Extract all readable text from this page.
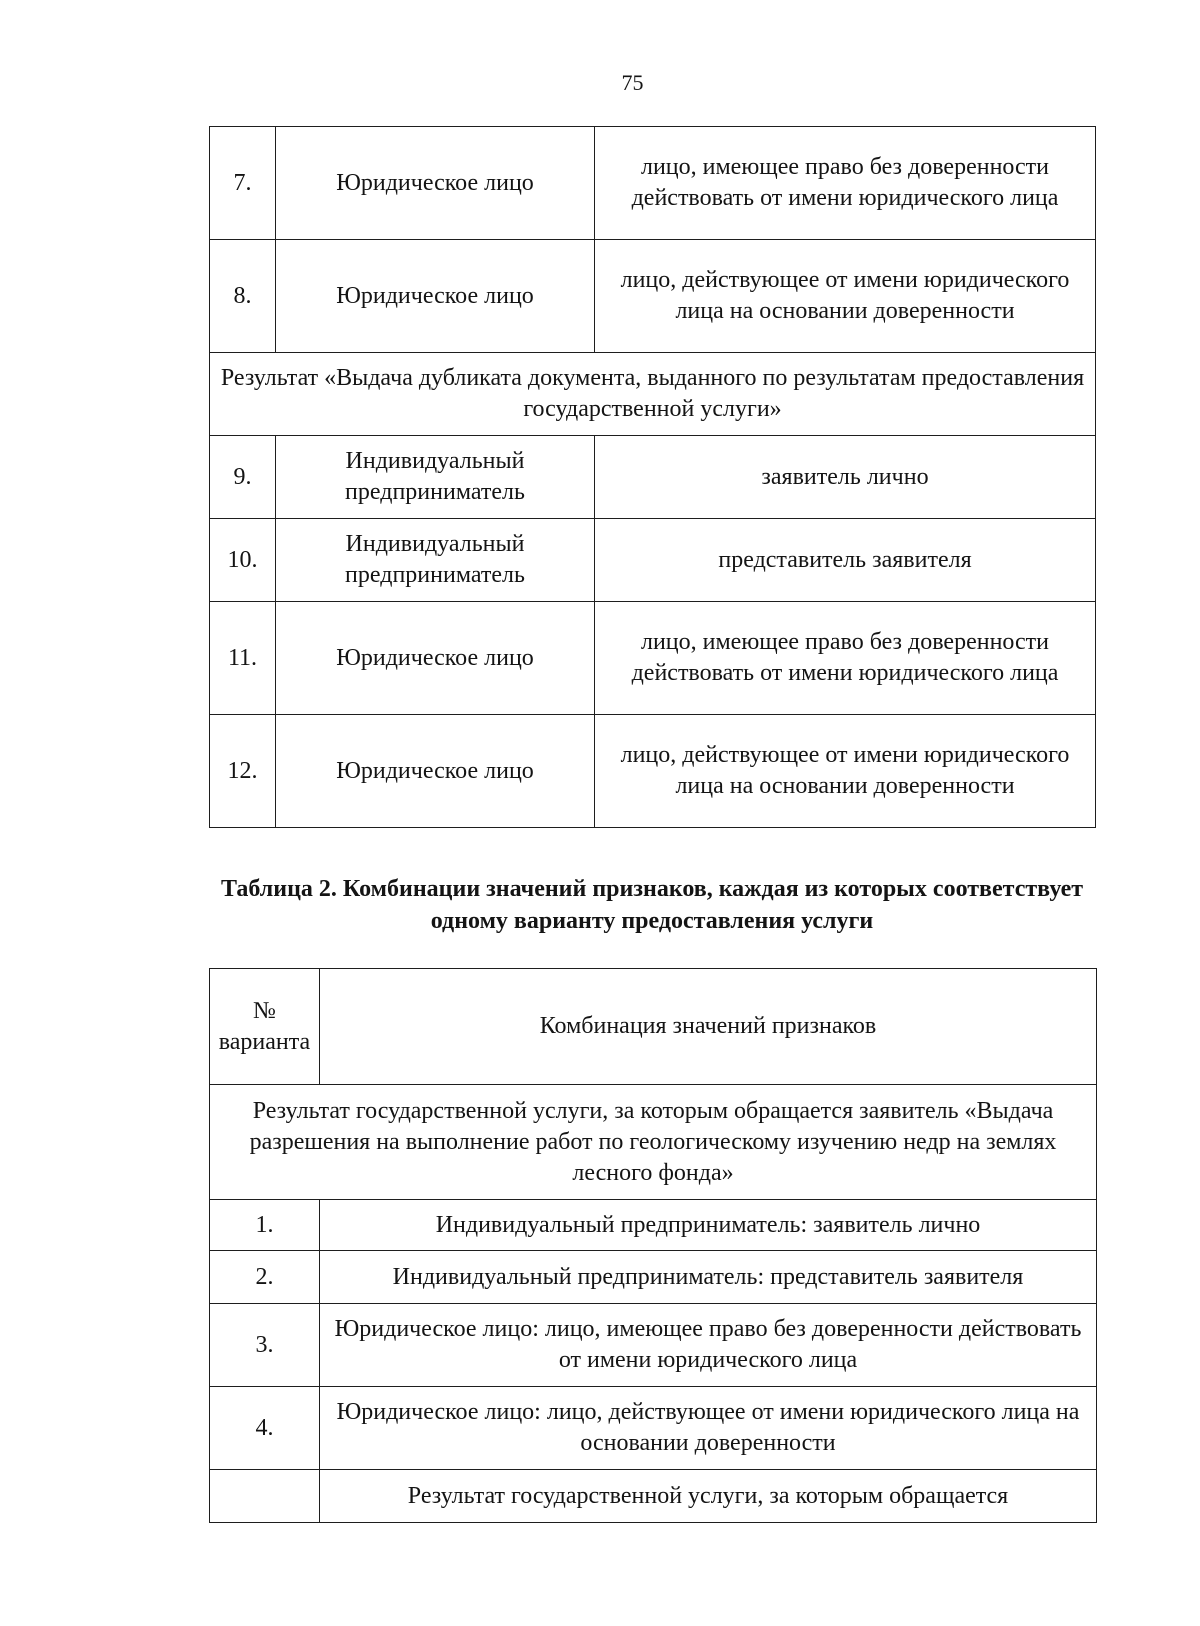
75
7.	Юридическое лицо	лицо, имеющее право без доверенности действовать от имени юридического лица
8.	Юридическое лицо	лицо, действующее от имени юридического лица на основании доверенности
Результат «Выдача дубликата документа, выданного по результатам предоставления государственной услуги»		
9.	Индивидуальный предприниматель	заявитель лично
10.	Индивидуальный предприниматель	представитель заявителя
11.	Юридическое лицо	лицо, имеющее право без доверенности действовать от имени юридического лица
12.	Юридическое лицо	лицо, действующее от имени юридического лица на основании доверенности
Таблица 2. Комбинации значений признаков, каждая из которых соответствует одному варианту предоставления услуги
№ варианта	Комбинация значений признаков
Результат государственной услуги, за которым обращается заявитель «Выдача разрешения на выполнение работ по геологическому изучению недр на землях лесного фонда»	
1.	Индивидуальный предприниматель: заявитель лично
2.	Индивидуальный предприниматель: представитель заявителя
3.	Юридическое лицо: лицо, имеющее право без доверенности действовать от имени юридического лица
4.	Юридическое лицо: лицо, действующее от имени юридического лица на основании доверенности
	Результат государственной услуги, за которым обращается
